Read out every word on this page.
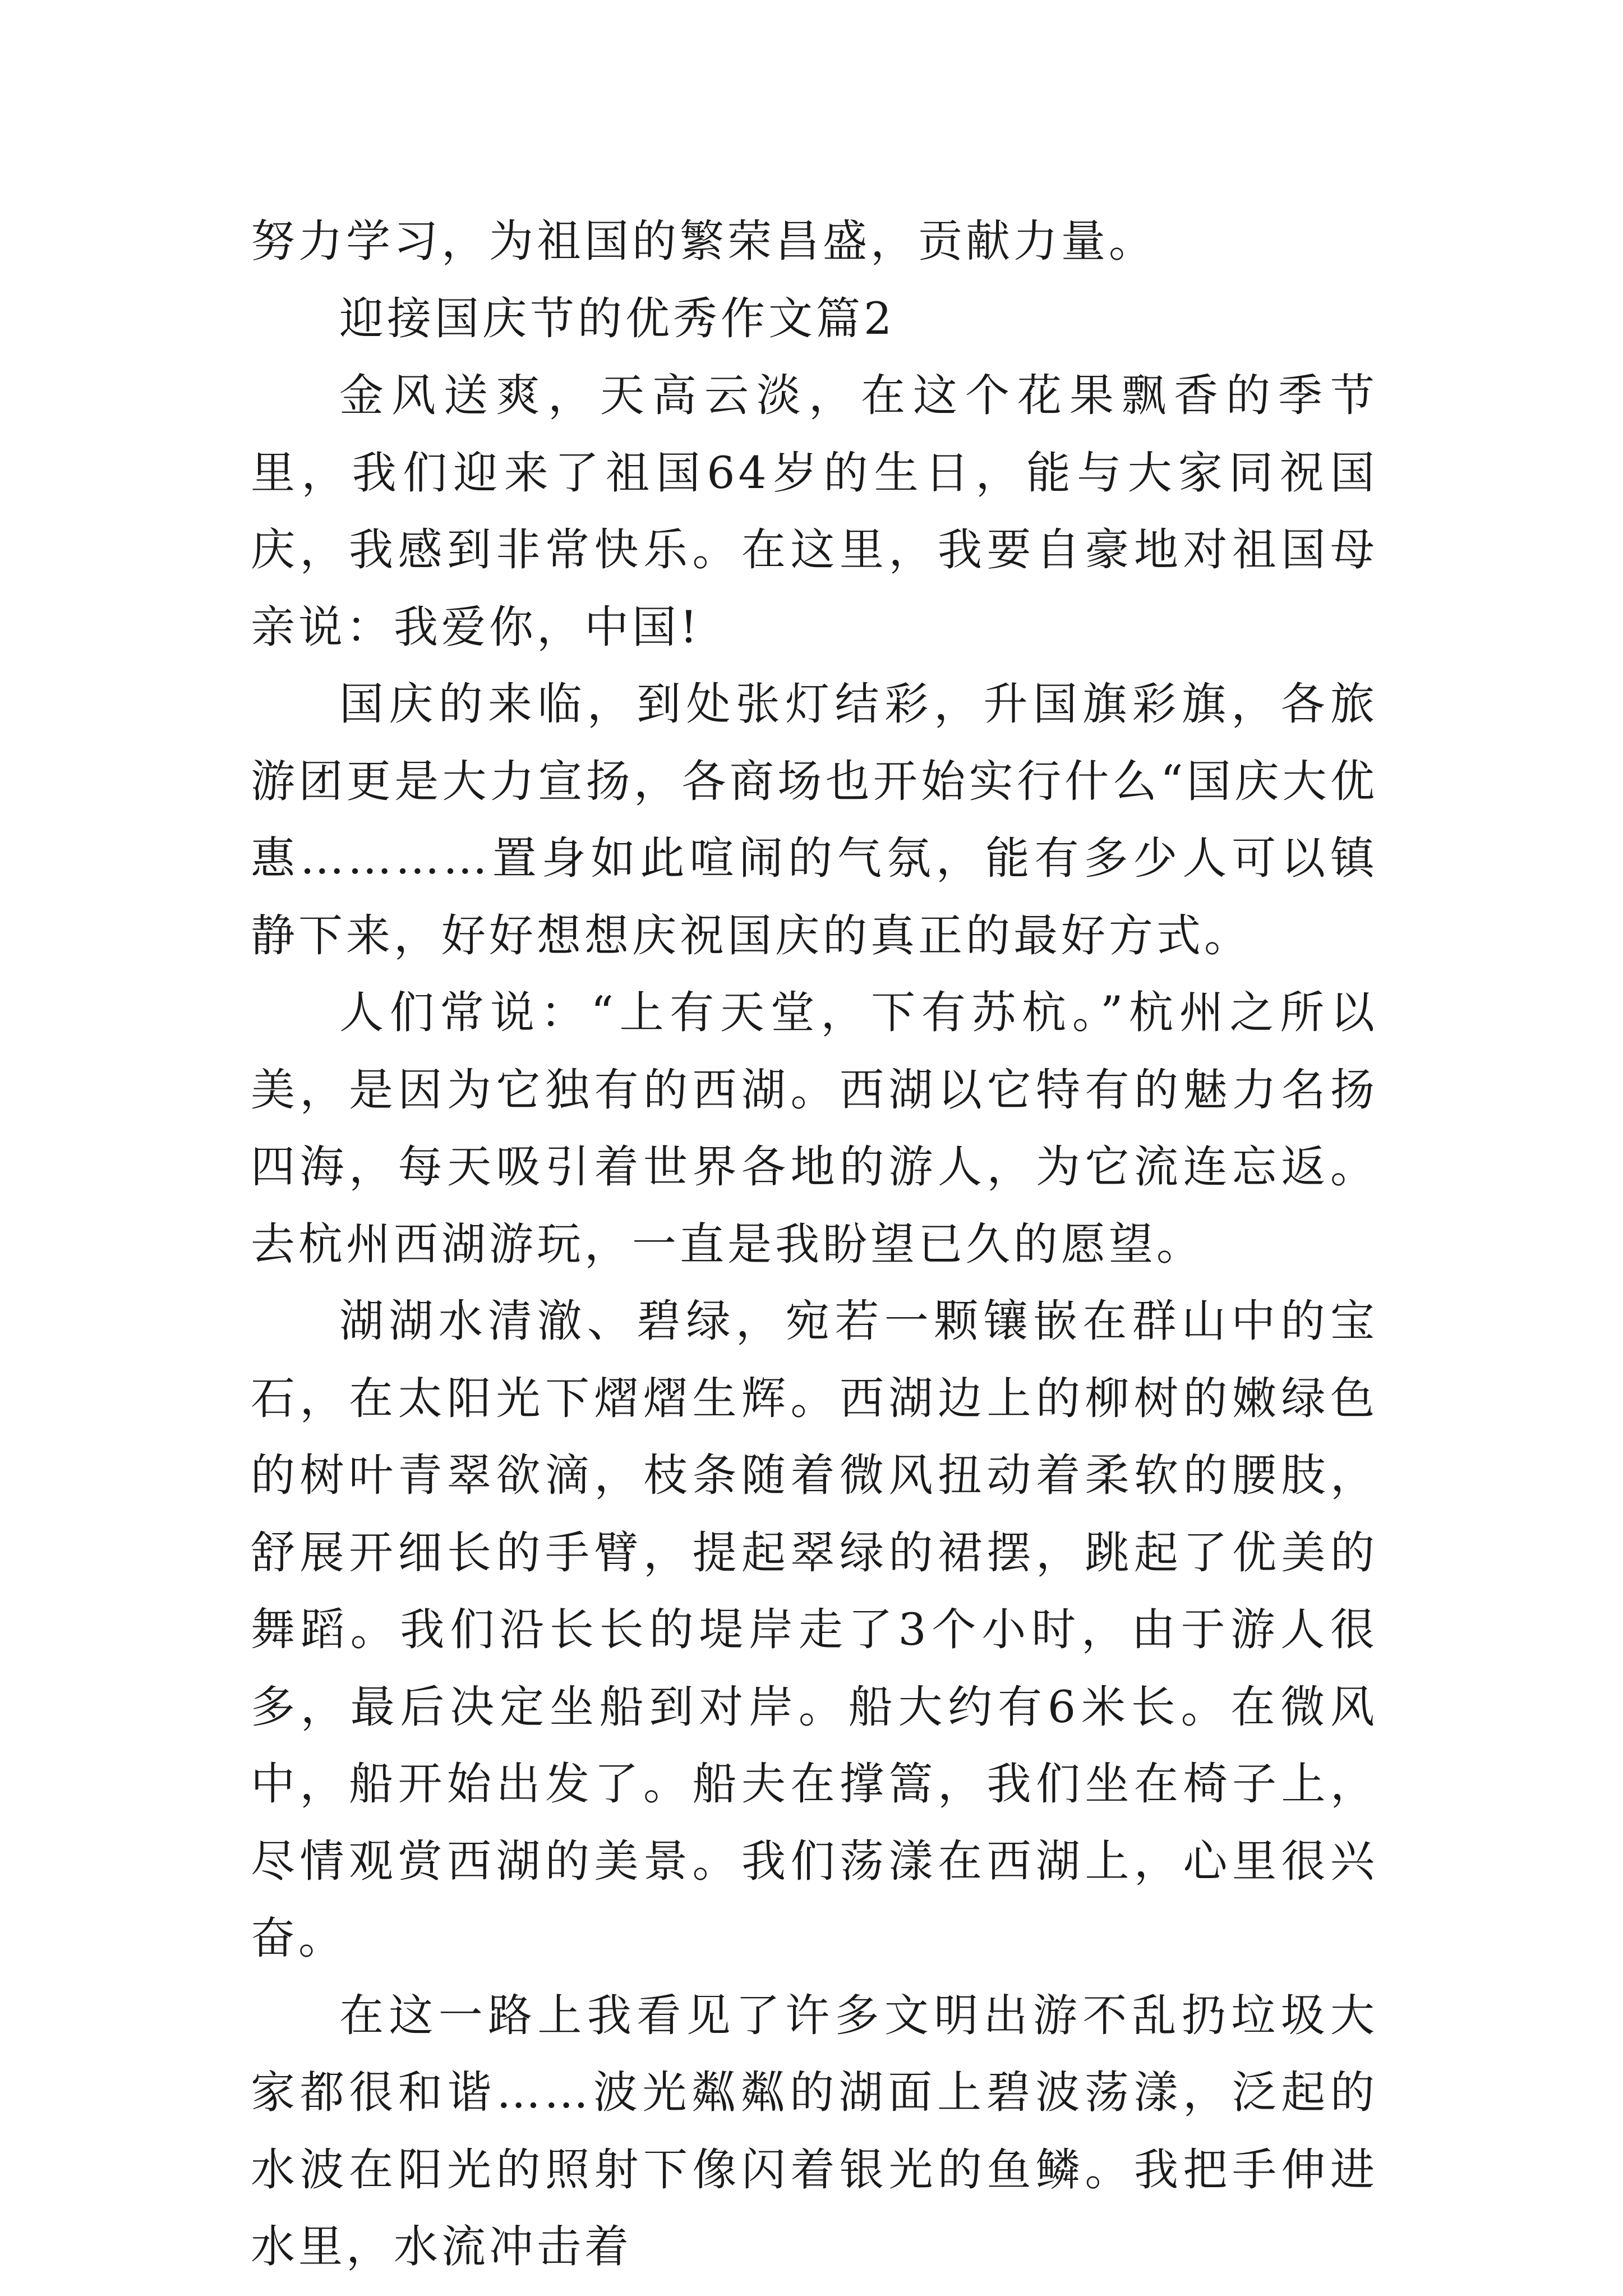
努力学习，为祖国的繁荣昌盛，贡献力量。

迎接国庆节的优秀作文篇2

金风送爽，天高云淡，在这个花果飘香的季节里，我们迎来了祖国64岁的生日，能与大家同祝国庆，我感到非常快乐。在这里，我要自豪地对祖国母亲说：我爱你，中国!

国庆的来临，到处张灯结彩，升国旗彩旗，各旅游团更是大力宣扬，各商场也开始实行什么“国庆大优惠…………置身如此喧闹的气氛，能有多少人可以镇静下来，好好想想庆祝国庆的真正的最好方式。

人们常说：“上有天堂，下有苏杭。”杭州之所以美，是因为它独有的西湖。西湖以它特有的魅力名扬四海，每天吸引着世界各地的游人，为它流连忘返。去杭州西湖游玩，一直是我盼望已久的愿望。

湖湖水清澈、碧绿，宛若一颗镶嵌在群山中的宝石，在太阳光下熠熠生辉。西湖边上的柳树的嫩绿色的树叶青翠欲滴，枝条随着微风扭动着柔软的腰肢，舒展开细长的手臂，提起翠绿的裙摆，跳起了优美的舞蹈。我们沿长长的堤岸走了3个小时，由于游人很多，最后决定坐船到对岸。船大约有6米长。在微风中，船开始出发了。船夫在撑篙，我们坐在椅子上，尽情观赏西湖的美景。我们荡漾在西湖上，心里很兴奋。

在这一路上我看见了许多文明出游不乱扔垃圾大家都很和谐……波光粼粼的湖面上碧波荡漾，泛起的水波在阳光的照射下像闪着银光的鱼鳞。我把手伸进水里，水流冲击着
